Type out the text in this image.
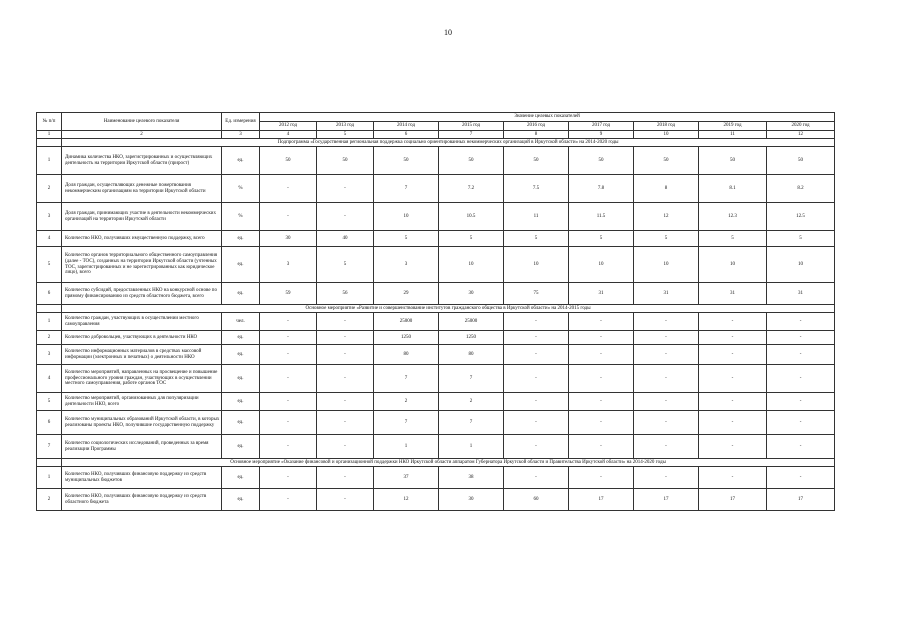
10
№ п/п	Наименование целевого показателя	Ед. измерения	Значение целевых показателей								
			2012 год	2013 год	2014 год	2015 год	2016 год	2017 год	2018 год	2019 год	2020 год
1	2	3	4	5	6	7	8	9	10	11	12
	Подпрограмма «Государственная региональная поддержка социально ориентированных некоммерческих организаций в Иркутской области» на 2014-2020 годы										
1	Динамика количества НКО, зарегистрированных и осуществляющих деятельность на территории Иркутской области (прирост)	ед.	50	50	50	50	50	50	50	50	50
2	Доля граждан, осуществляющих денежные пожертвования некоммерческим организациям на территории Иркутской области	%	-	-	7	7.2	7.5	7.8	8	8.1	8.2
3	Доля граждан, принимающих участие в деятельности некоммерческих организаций на территории Иркутской области	%	-	-	10	10.5	11	11.5	12	12.3	12.5
4	Количество НКО, получивших имущественную поддержку, всего	ед.	30	40	5	5	5	5	5	5	5
5	Количество органов территориального общественного самоуправления (далее - ТОС), созданных на территории Иркутской области (учтенных ТОС, зарегистрированных и не зарегистрированных как юридическое лицо), всего	ед.	3	5	3	10	10	10	10	10	10
6	Количество субсидий, предоставленных НКО на конкурсной основе по прямому финансированию из средств областного бюджета, всего	ед.	59	56	29	30	75	31	31	31	31
	Основное мероприятие «Развитие и совершенствование институтов гражданского общества в Иркутской области» на 2014-2015 годы										
1	Количество граждан, участвующих в осуществлении местного самоуправления	чел.	-	-	25000	25000	-	-	-	-	-
2	Количество добровольцев, участвующих в деятельности НКО	ед.	-	-	1250	1250	-	-	-	-	-
3	Количество информационных материалов в средствах массовой информации (электронных и печатных) о деятельности НКО	ед.	-	-	80	80	-	-	-	-	-
4	Количество мероприятий, направленных на просвещение и повышение профессионального уровня граждан, участвующих в осуществлении местного самоуправления, работе органов ТОС	ед.	-	-	7	7	-	-	-	-	-
5	Количество мероприятий, организованных для популяризации деятельности НКО, всего	ед.	-	-	2	2	-	-	-	-	-
6	Количество муниципальных образований Иркутской области, в которых реализованы проекты НКО, получившие государственную поддержку	ед.	-	-	7	7	-	-	-	-	-
7	Количество социологических исследований, проведенных за время реализации Программы	ед.	-	-	1	1	-	-	-	-	-
	Основное мероприятие «Оказание финансовой и организационной поддержки НКО Иркутской области аппаратом Губернатора Иркутской области и Правительства Иркутской области» на 2014-2020 годы										
1	Количество НКО, получивших финансовую поддержку из средств муниципальных бюджетов	ед.	-	-	37	38	-	-	-	-	-
2	Количество НКО, получивших финансовую поддержку из средств областного бюджета	ед.	-	-	12	30	60	17	17	17	17
